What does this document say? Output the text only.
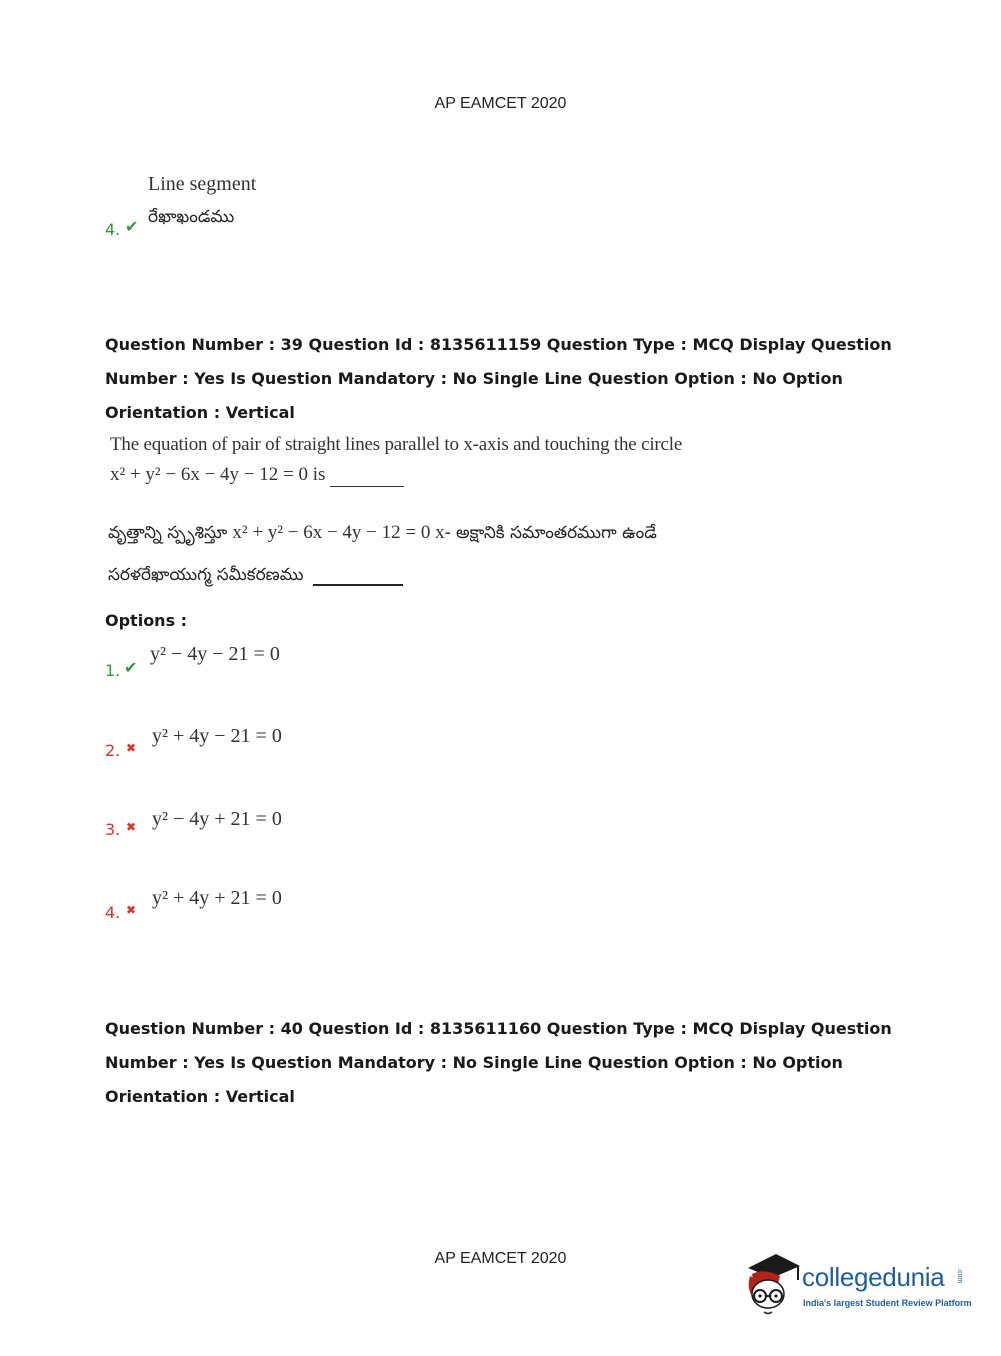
AP EAMCET 2020
Line segment
రేఖాఖండము
4. ✔
Question Number : 39 Question Id : 8135611159 Question Type : MCQ Display Question
Number : Yes Is Question Mandatory : No Single Line Question Option : No Option
Orientation : Vertical
The equation of pair of straight lines parallel to x-axis and touching the circle
x² + y² − 6x − 4y − 12 = 0 is
వృత్తాన్ని స్పృశిస్తూ x² + y² − 6x − 4y − 12 = 0 x- అక్షానికి సమాంతరముగా ఉండే
సరళరేఖాయుగ్మ సమీకరణము
Options :
1. ✔
y² − 4y − 21 = 0
2. ✖
y² + 4y − 21 = 0
3. ✖ y² − 4y + 21 = 0
4. ✖
y² + 4y + 21 = 0
Question Number : 40 Question Id : 8135611160 Question Type : MCQ Display Question
Number : Yes Is Question Mandatory : No Single Line Question Option : No Option
Orientation : Vertical
AP EAMCET 2020
collegedunia .com
India's largest Student Review Platform
